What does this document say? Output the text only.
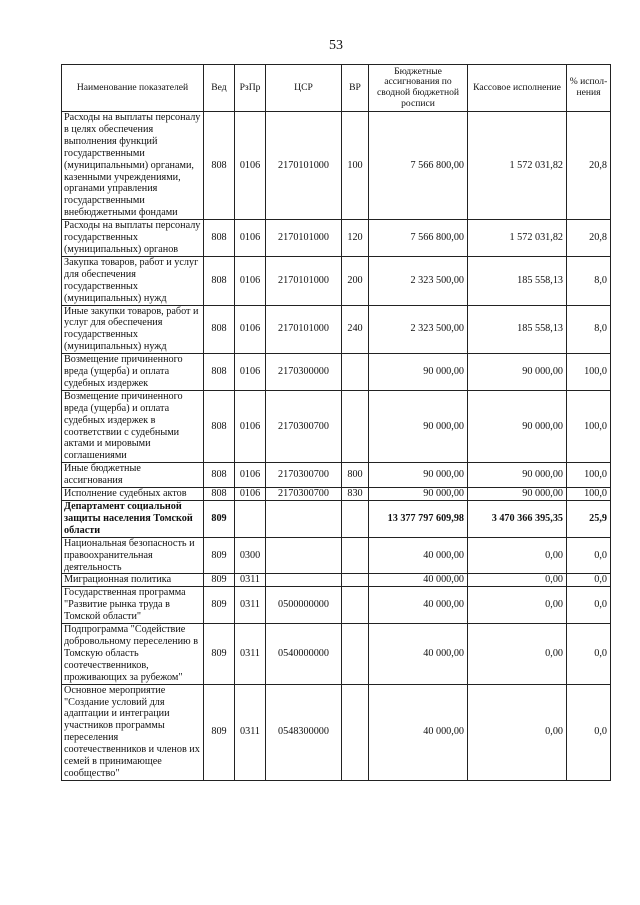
53
Наименование показателей	Вед	РзПр	ЦСР	ВР	Бюджетные ассигнования по сводной бюджетной росписи	Кассовое исполнение	% испол-нения
Расходы на выплаты персоналу в целях обеспечения выполнения функций государственными (муниципальными) органами, казенными учреждениями, органами управления государственными внебюджетными фондами	808	0106	2170101000	100	7 566 800,00	1 572 031,82	20,8
Расходы на выплаты персоналу государственных (муниципальных) органов	808	0106	2170101000	120	7 566 800,00	1 572 031,82	20,8
Закупка товаров, работ и услуг для обеспечения государственных (муниципальных) нужд	808	0106	2170101000	200	2 323 500,00	185 558,13	8,0
Иные закупки товаров, работ и услуг для обеспечения государственных (муниципальных) нужд	808	0106	2170101000	240	2 323 500,00	185 558,13	8,0
Возмещение причиненного вреда (ущерба) и оплата судебных издержек	808	0106	2170300000		90 000,00	90 000,00	100,0
Возмещение причиненного вреда (ущерба) и оплата судебных издержек в соответствии с судебными актами и мировыми соглашениями	808	0106	2170300700		90 000,00	90 000,00	100,0
Иные бюджетные ассигнования	808	0106	2170300700	800	90 000,00	90 000,00	100,0
Исполнение судебных актов	808	0106	2170300700	830	90 000,00	90 000,00	100,0
Департамент социальной защиты населения Томской области	809				13 377 797 609,98	3 470 366 395,35	25,9
Национальная безопасность и правоохранительная деятельность	809	0300			40 000,00	0,00	0,0
Миграционная политика	809	0311			40 000,00	0,00	0,0
Государственная программа "Развитие рынка труда в Томской области"	809	0311	0500000000		40 000,00	0,00	0,0
Подпрограмма "Содействие добровольному переселению в Томскую область соотечественников, проживающих за рубежом"	809	0311	0540000000		40 000,00	0,00	0,0
Основное мероприятие "Создание условий для адаптации и интеграции участников программы переселения соотечественников и членов их семей в принимающее сообщество"	809	0311	0548300000		40 000,00	0,00	0,0
